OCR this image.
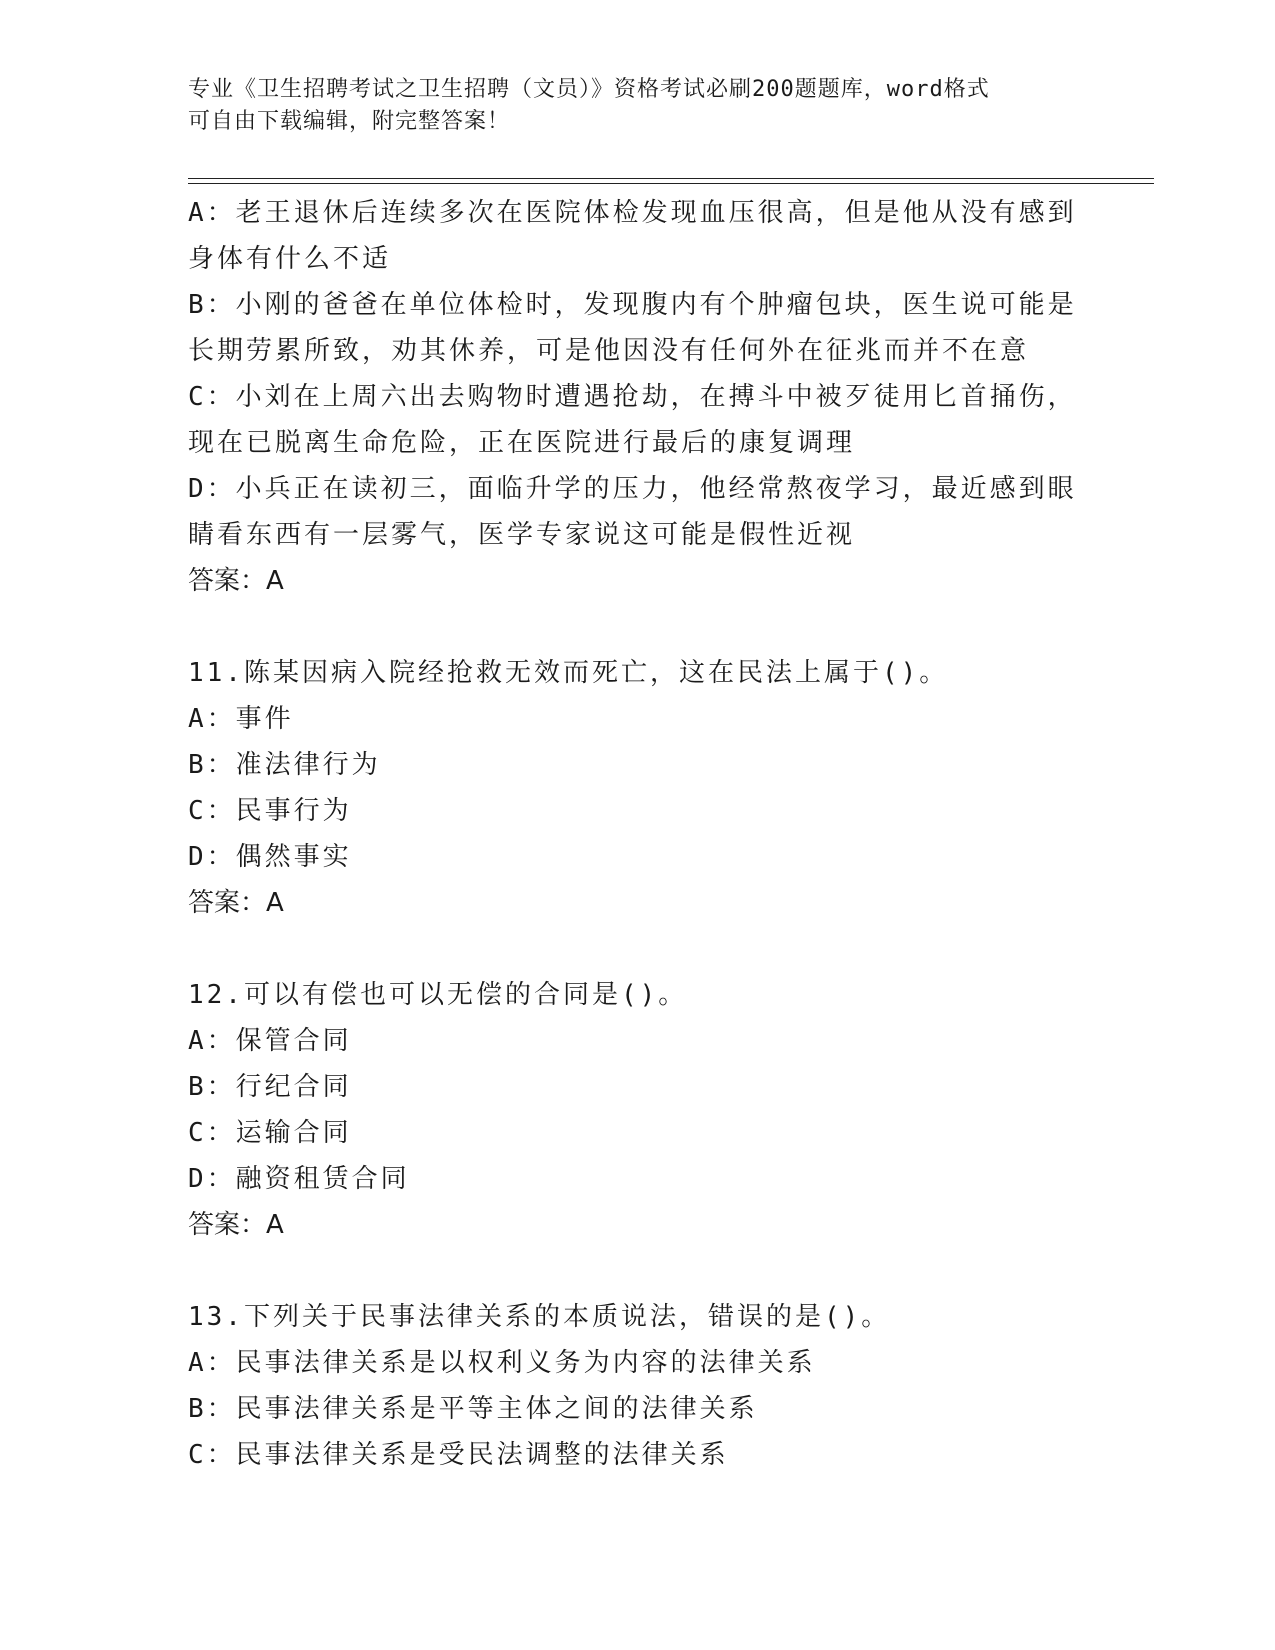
专业《卫生招聘考试之卫生招聘（文员）》资格考试必刷200题题库，word格式
可自由下载编辑，附完整答案！
A：老王退休后连续多次在医院体检发现血压很高，但是他从没有感到
身体有什么不适
B：小刚的爸爸在单位体检时，发现腹内有个肿瘤包块，医生说可能是
长期劳累所致，劝其休养，可是他因没有任何外在征兆而并不在意
C：小刘在上周六出去购物时遭遇抢劫，在搏斗中被歹徒用匕首捅伤，
现在已脱离生命危险，正在医院进行最后的康复调理
D：小兵正在读初三，面临升学的压力，他经常熬夜学习，最近感到眼
睛看东西有一层雾气，医学专家说这可能是假性近视
答案：A
11.陈某因病入院经抢救无效而死亡，这在民法上属于()。
A：事件
B：准法律行为
C：民事行为
D：偶然事实
答案：A
12.可以有偿也可以无偿的合同是()。
A：保管合同
B：行纪合同
C：运输合同
D：融资租赁合同
答案：A
13.下列关于民事法律关系的本质说法，错误的是()。
A：民事法律关系是以权利义务为内容的法律关系
B：民事法律关系是平等主体之间的法律关系
C：民事法律关系是受民法调整的法律关系
